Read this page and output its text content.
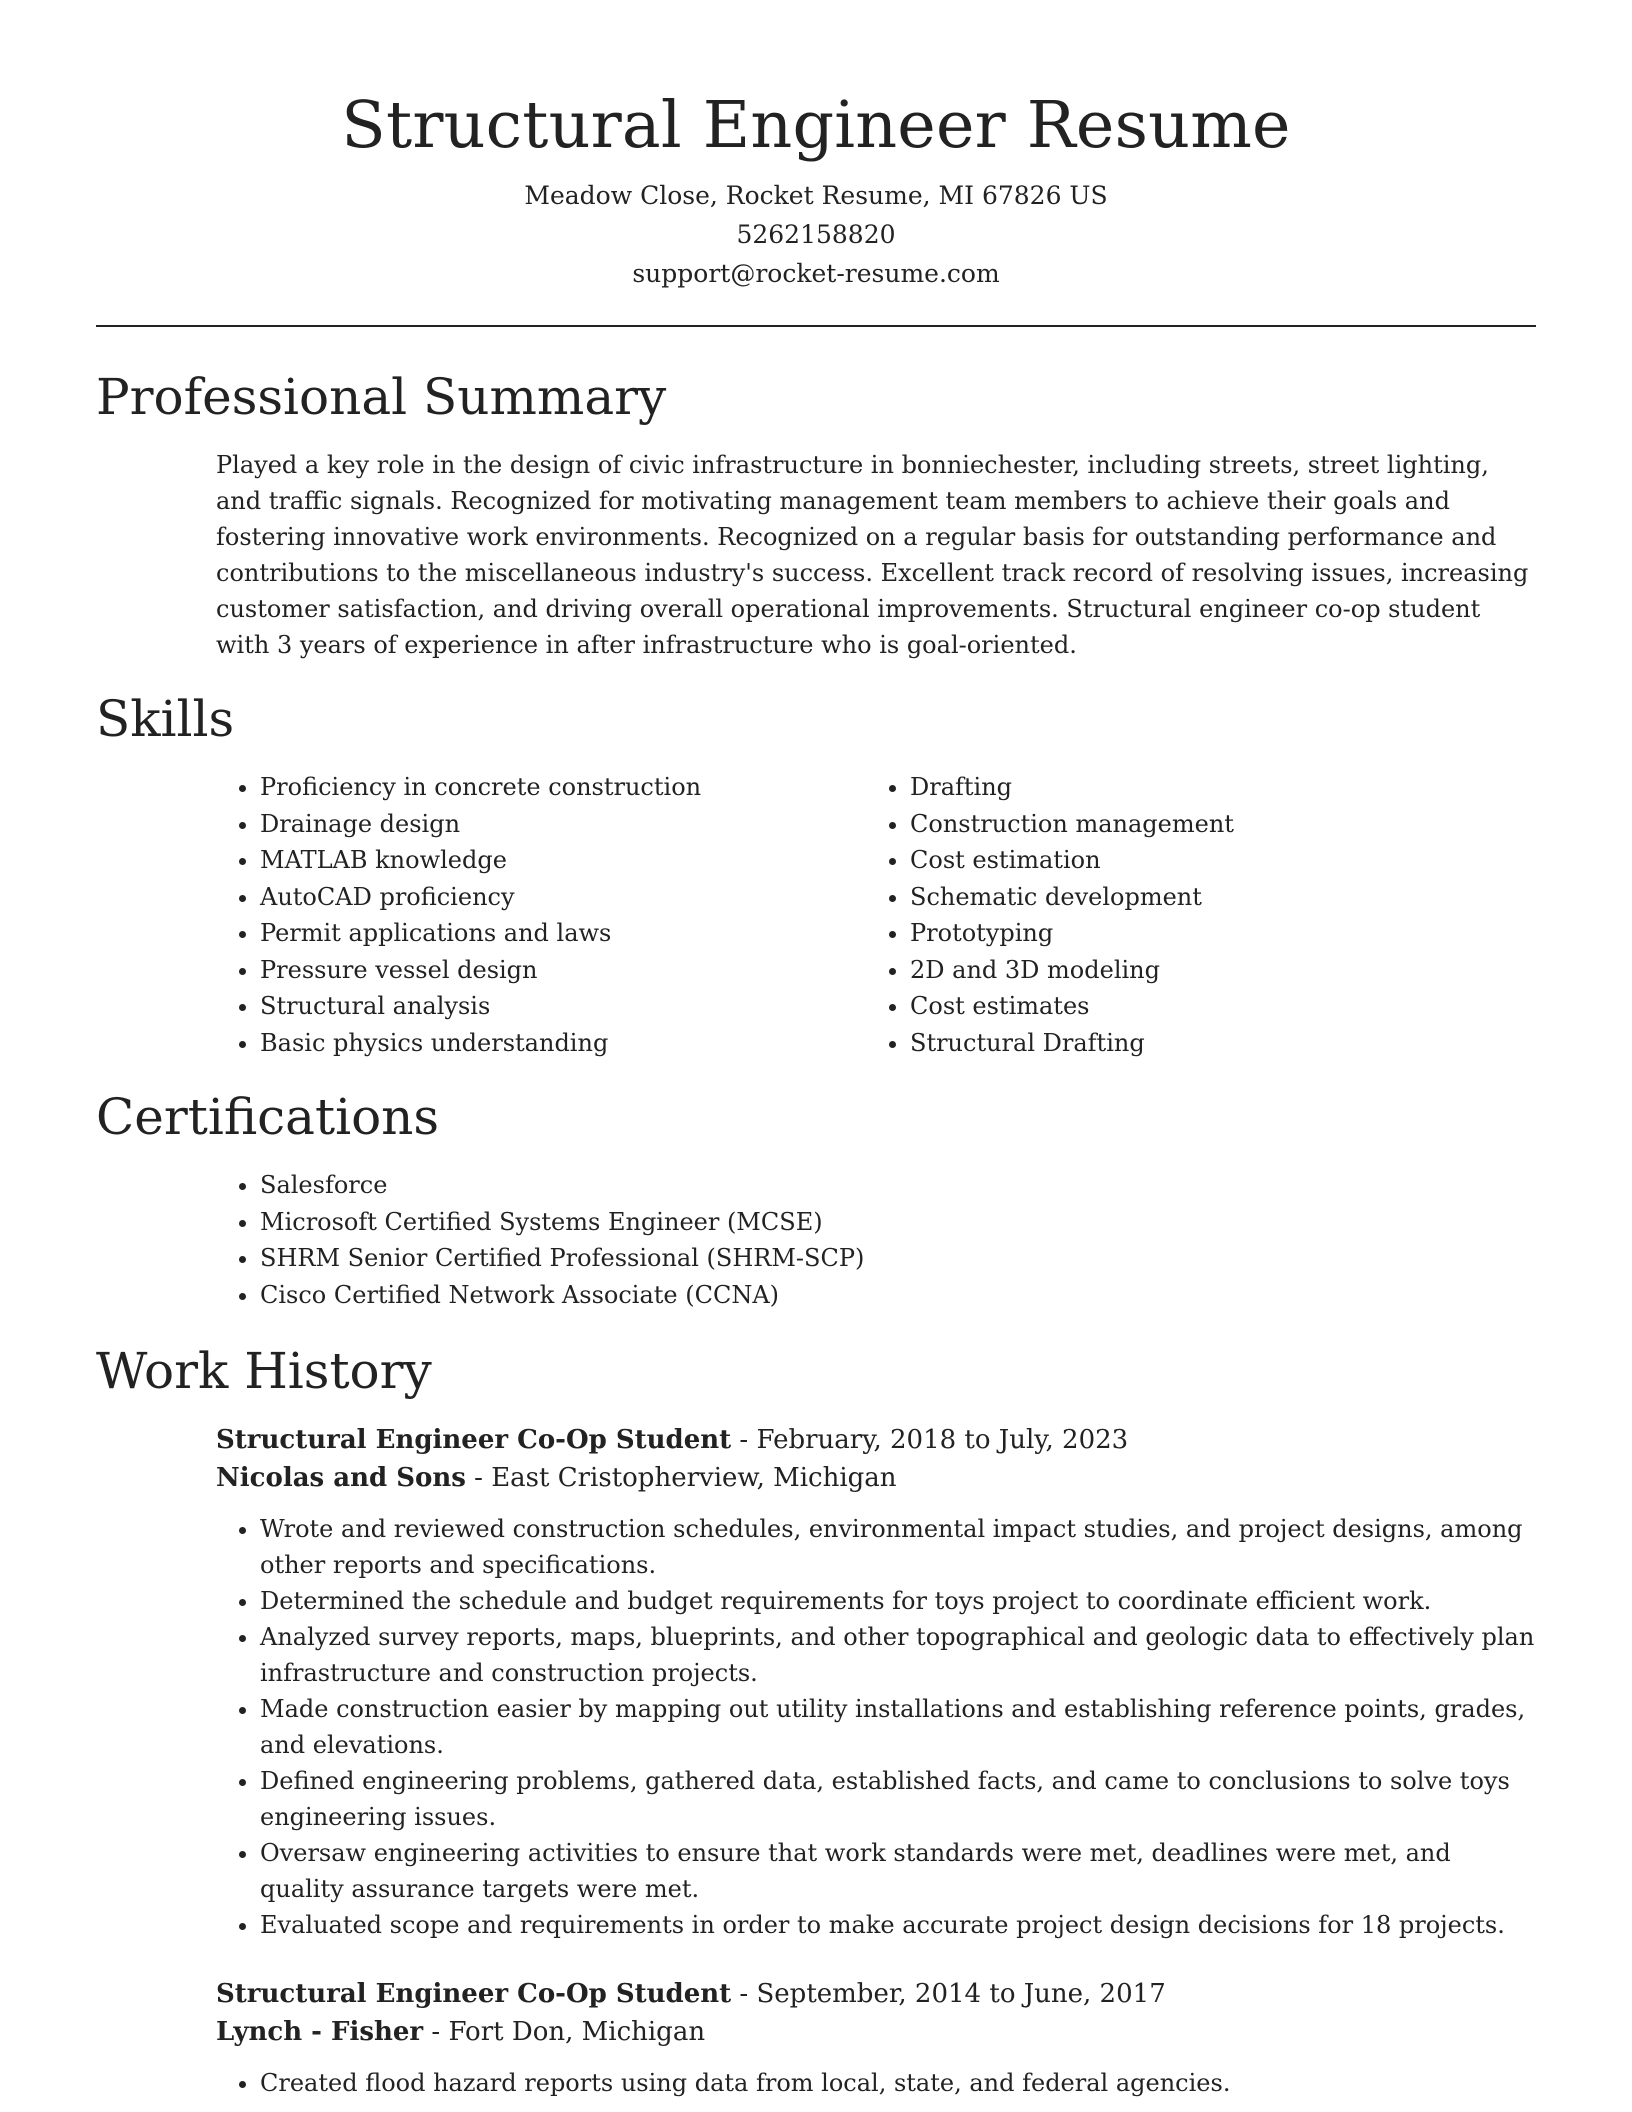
Structural Engineer Resume
Meadow Close, Rocket Resume, MI 67826 US
5262158820
support@rocket-resume.com
Professional Summary

Played a key role in the design of civic infrastructure in bonniechester, including streets, street lighting, and traffic signals. Recognized for motivating management team members to achieve their goals and fostering innovative work environments. Recognized on a regular basis for outstanding performance and contributions to the miscellaneous industry's success. Excellent track record of resolving issues, increasing customer satisfaction, and driving overall operational improvements. Structural engineer co-op student with 3 years of experience in after infrastructure who is goal-oriented.

Skills
• Proficiency in concrete construction
• Drainage design
• MATLAB knowledge
• AutoCAD proficiency
• Permit applications and laws
• Pressure vessel design
• Structural analysis
• Basic physics understanding
• Drafting
• Construction management
• Cost estimation
• Schematic development
• Prototyping
• 2D and 3D modeling
• Cost estimates
• Structural Drafting
Certifications
• Salesforce
• Microsoft Certified Systems Engineer (MCSE)
• SHRM Senior Certified Professional (SHRM-SCP)
• Cisco Certified Network Associate (CCNA)
Work History
Structural Engineer Co-Op Student - February, 2018 to July, 2023
Nicolas and Sons - East Cristopherview, Michigan
• Wrote and reviewed construction schedules, environmental impact studies, and project designs, among other reports and specifications.
• Determined the schedule and budget requirements for toys project to coordinate efficient work.
• Analyzed survey reports, maps, blueprints, and other topographical and geologic data to effectively plan infrastructure and construction projects.
• Made construction easier by mapping out utility installations and establishing reference points, grades, and elevations.
• Defined engineering problems, gathered data, established facts, and came to conclusions to solve toys engineering issues.
• Oversaw engineering activities to ensure that work standards were met, deadlines were met, and quality assurance targets were met.
• Evaluated scope and requirements in order to make accurate project design decisions for 18 projects.
Structural Engineer Co-Op Student - September, 2014 to June, 2017
Lynch - Fisher - Fort Don, Michigan
• Created flood hazard reports using data from local, state, and federal agencies.
